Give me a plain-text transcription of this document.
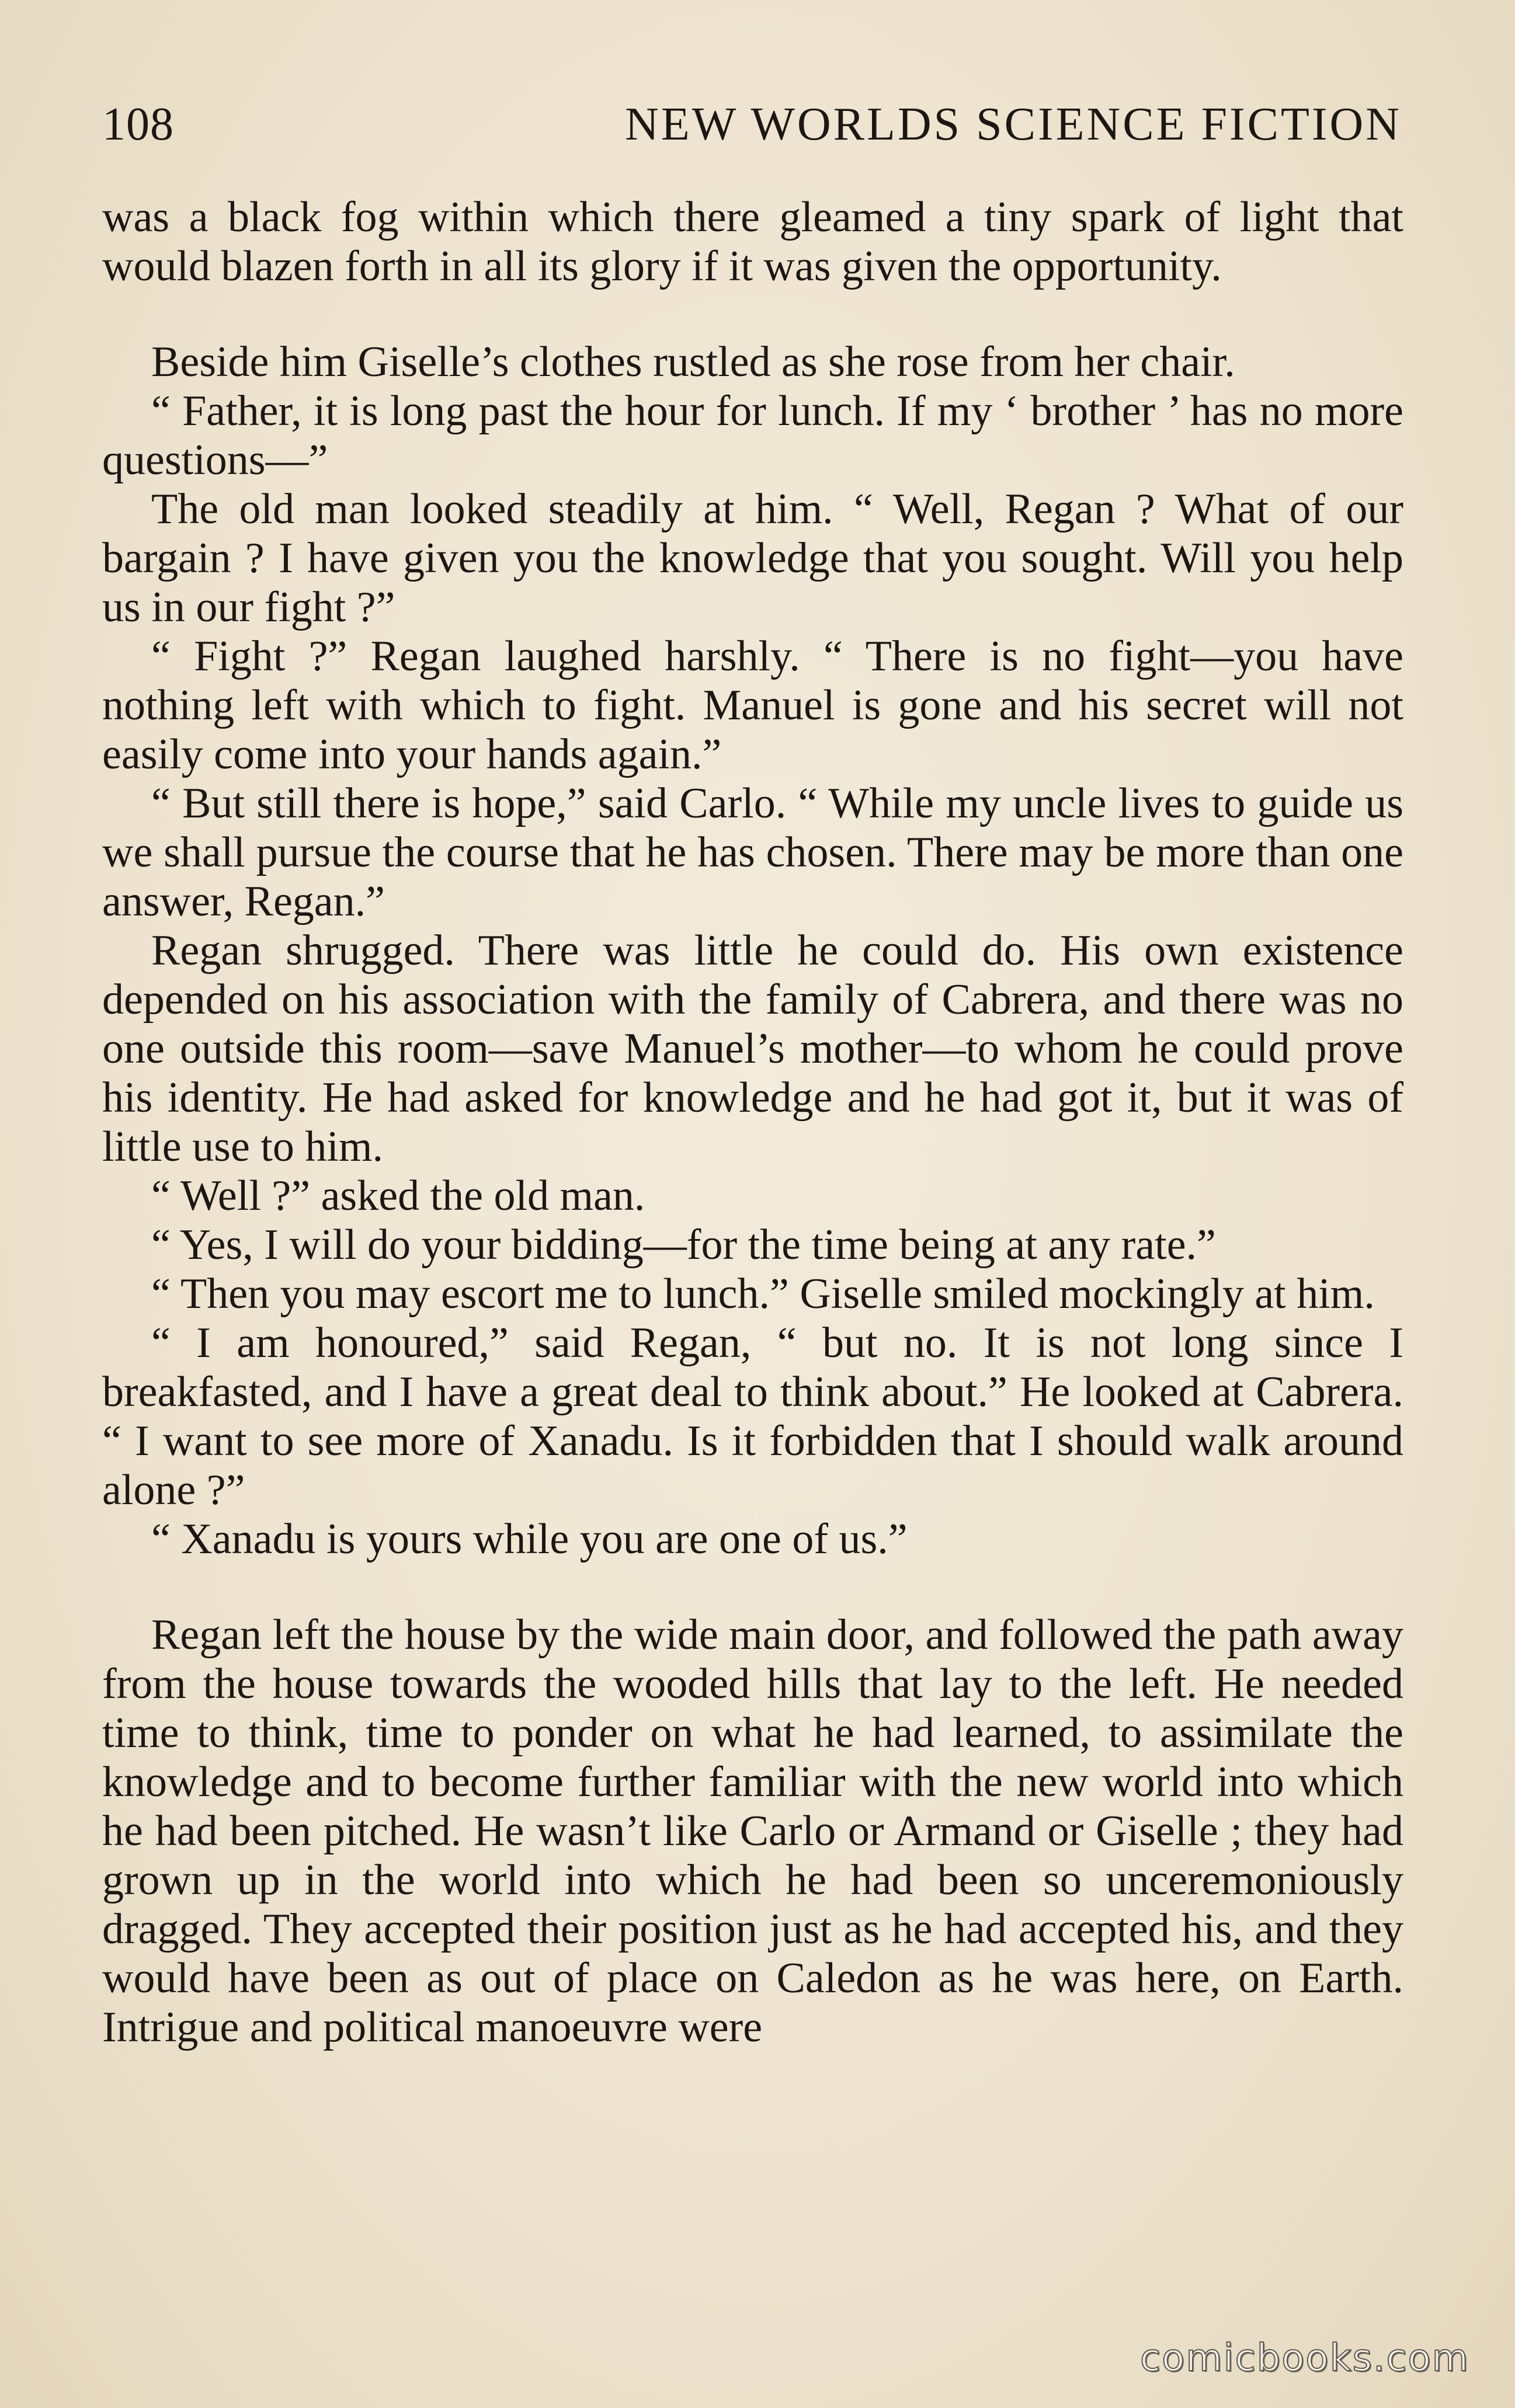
108	NEW WORLDS SCIENCE FICTION

was a black fog within which there gleamed a tiny spark of light that would blazen forth in all its glory if it was given the opportunity.

Beside him Giselle’s clothes rustled as she rose from her chair.

“ Father, it is long past the hour for lunch. If my ‘ brother ’ has no more questions—”

The old man looked steadily at him. “ Well, Regan ? What of our bargain ? I have given you the knowledge that you sought. Will you help us in our fight ?”

“ Fight ?” Regan laughed harshly. “ There is no fight—you have nothing left with which to fight. Manuel is gone and his secret will not easily come into your hands again.”

“ But still there is hope,” said Carlo. “ While my uncle lives to guide us we shall pursue the course that he has chosen. There may be more than one answer, Regan.”

Regan shrugged. There was little he could do. His own existence depended on his association with the family of Cabrera, and there was no one outside this room—save Manuel’s mother—to whom he could prove his identity. He had asked for knowledge and he had got it, but it was of little use to him.

“ Well ?” asked the old man.

“ Yes, I will do your bidding—for the time being at any rate.”

“ Then you may escort me to lunch.” Giselle smiled mockingly at him.

“ I am honoured,” said Regan, “ but no. It is not long since I breakfasted, and I have a great deal to think about.” He looked at Cabrera. “ I want to see more of Xanadu. Is it forbidden that I should walk around alone ?”

“ Xanadu is yours while you are one of us.”

Regan left the house by the wide main door, and followed the path away from the house towards the wooded hills that lay to the left. He needed time to think, time to ponder on what he had learned, to assimilate the knowledge and to become further familiar with the new world into which he had been pitched. He wasn’t like Carlo or Armand or Giselle ; they had grown up in the world into which he had been so unceremoniously dragged. They accepted their position just as he had accepted his, and they would have been as out of place on Caledon as he was here, on Earth. Intrigue and political manoeuvre were

comicbooks.com
